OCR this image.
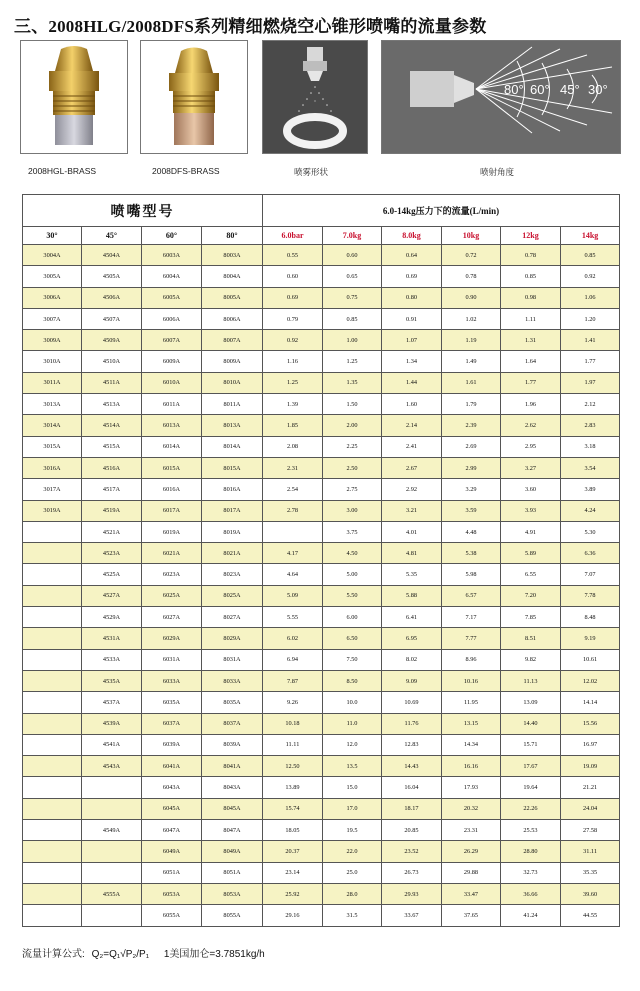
三、2008HLG/2008DFS系列精细燃烧空心锥形喷嘴的流量参数
80° 60° 45° 30°
2008HGL-BRASS	2008DFS-BRASS	喷雾形状	喷射角度
喷嘴型号				6.0-14kg压力下的流量(L/min)					
30°	45°	60°	80°	6.0bar	7.0kg	8.0kg	10kg	12kg	14kg
3004A	4504A	6003A	8003A	0.55	0.60	0.64	0.72	0.78	0.85
3005A	4505A	6004A	8004A	0.60	0.65	0.69	0.78	0.85	0.92
3006A	4506A	6005A	8005A	0.69	0.75	0.80	0.90	0.98	1.06
3007A	4507A	6006A	8006A	0.79	0.85	0.91	1.02	1.11	1.20
3009A	4509A	6007A	8007A	0.92	1.00	1.07	1.19	1.31	1.41
3010A	4510A	6009A	8009A	1.16	1.25	1.34	1.49	1.64	1.77
3011A	4511A	6010A	8010A	1.25	1.35	1.44	1.61	1.77	1.97
3013A	4513A	6011A	8011A	1.39	1.50	1.60	1.79	1.96	2.12
3014A	4514A	6013A	8013A	1.85	2.00	2.14	2.39	2.62	2.83
3015A	4515A	6014A	8014A	2.08	2.25	2.41	2.69	2.95	3.18
3016A	4516A	6015A	8015A	2.31	2.50	2.67	2.99	3.27	3.54
3017A	4517A	6016A	8016A	2.54	2.75	2.92	3.29	3.60	3.89
3019A	4519A	6017A	8017A	2.78	3.00	3.21	3.59	3.93	4.24
	4521A	6019A	8019A		3.75	4.01	4.48	4.91	5.30
	4523A	6021A	8021A	4.17	4.50	4.81	5.38	5.89	6.36
	4525A	6023A	8023A	4.64	5.00	5.35	5.98	6.55	7.07
	4527A	6025A	8025A	5.09	5.50	5.88	6.57	7.20	7.78
	4529A	6027A	8027A	5.55	6.00	6.41	7.17	7.85	8.48
	4531A	6029A	8029A	6.02	6.50	6.95	7.77	8.51	9.19
	4533A	6031A	8031A	6.94	7.50	8.02	8.96	9.82	10.61
	4535A	6033A	8033A	7.87	8.50	9.09	10.16	11.13	12.02
	4537A	6035A	8035A	9.26	10.0	10.69	11.95	13.09	14.14
	4539A	6037A	8037A	10.18	11.0	11.76	13.15	14.40	15.56
	4541A	6039A	8039A	11.11	12.0	12.83	14.34	15.71	16.97
	4543A	6041A	8041A	12.50	13.5	14.43	16.16	17.67	19.09
		6043A	8043A	13.89	15.0	16.04	17.93	19.64	21.21
		6045A	8045A	15.74	17.0	18.17	20.32	22.26	24.04
	4549A	6047A	8047A	18.05	19.5	20.85	23.31	25.53	27.58
		6049A	8049A	20.37	22.0	23.52	26.29	28.80	31.11
		6051A	8051A	23.14	25.0	26.73	29.88	32.73	35.35
	4555A	6053A	8053A	25.92	28.0	29.93	33.47	36.66	39.60
		6055A	8055A	29.16	31.5	33.67	37.65	41.24	44.55
流量计算公式: Q₂=Q₁√P₂/P₁ 1美国加仑=3.7851kg/h
